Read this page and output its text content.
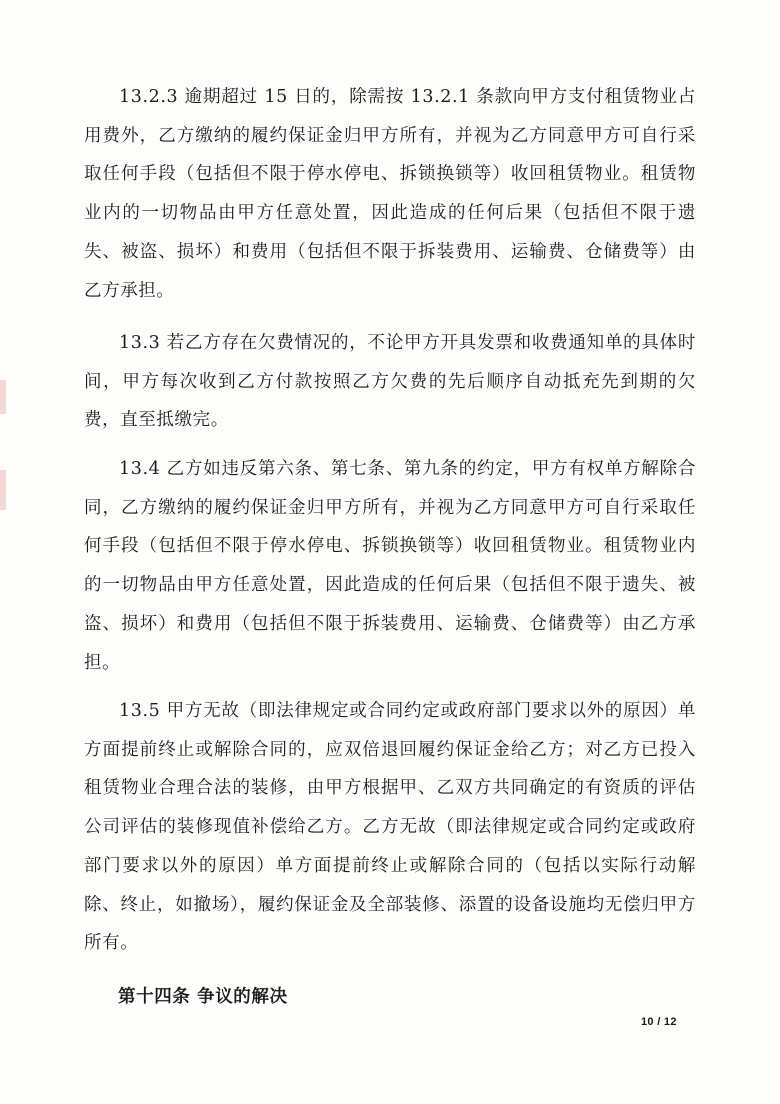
13.2.3 逾期超过 15 日的，除需按 13.2.1 条款向甲方支付租赁物业占用费外，乙方缴纳的履约保证金归甲方所有，并视为乙方同意甲方可自行采取任何手段（包括但不限于停水停电、拆锁换锁等）收回租赁物业。租赁物业内的一切物品由甲方任意处置，因此造成的任何后果（包括但不限于遗失、被盗、损坏）和费用（包括但不限于拆装费用、运输费、仓储费等）由乙方承担。

13.3 若乙方存在欠费情况的，不论甲方开具发票和收费通知单的具体时间，甲方每次收到乙方付款按照乙方欠费的先后顺序自动抵充先到期的欠费，直至抵缴完。

13.4 乙方如违反第六条、第七条、第九条的约定，甲方有权单方解除合同，乙方缴纳的履约保证金归甲方所有，并视为乙方同意甲方可自行采取任何手段（包括但不限于停水停电、拆锁换锁等）收回租赁物业。租赁物业内的一切物品由甲方任意处置，因此造成的任何后果（包括但不限于遗失、被盗、损坏）和费用（包括但不限于拆装费用、运输费、仓储费等）由乙方承担。

13.5 甲方无故（即法律规定或合同约定或政府部门要求以外的原因）单方面提前终止或解除合同的，应双倍退回履约保证金给乙方；对乙方已投入租赁物业合理合法的装修，由甲方根据甲、乙双方共同确定的有资质的评估公司评估的装修现值补偿给乙方。乙方无故（即法律规定或合同约定或政府部门要求以外的原因）单方面提前终止或解除合同的（包括以实际行动解除、终止，如撤场），履约保证金及全部装修、添置的设备设施均无偿归甲方所有。

第十四条 争议的解决

10 / 12
